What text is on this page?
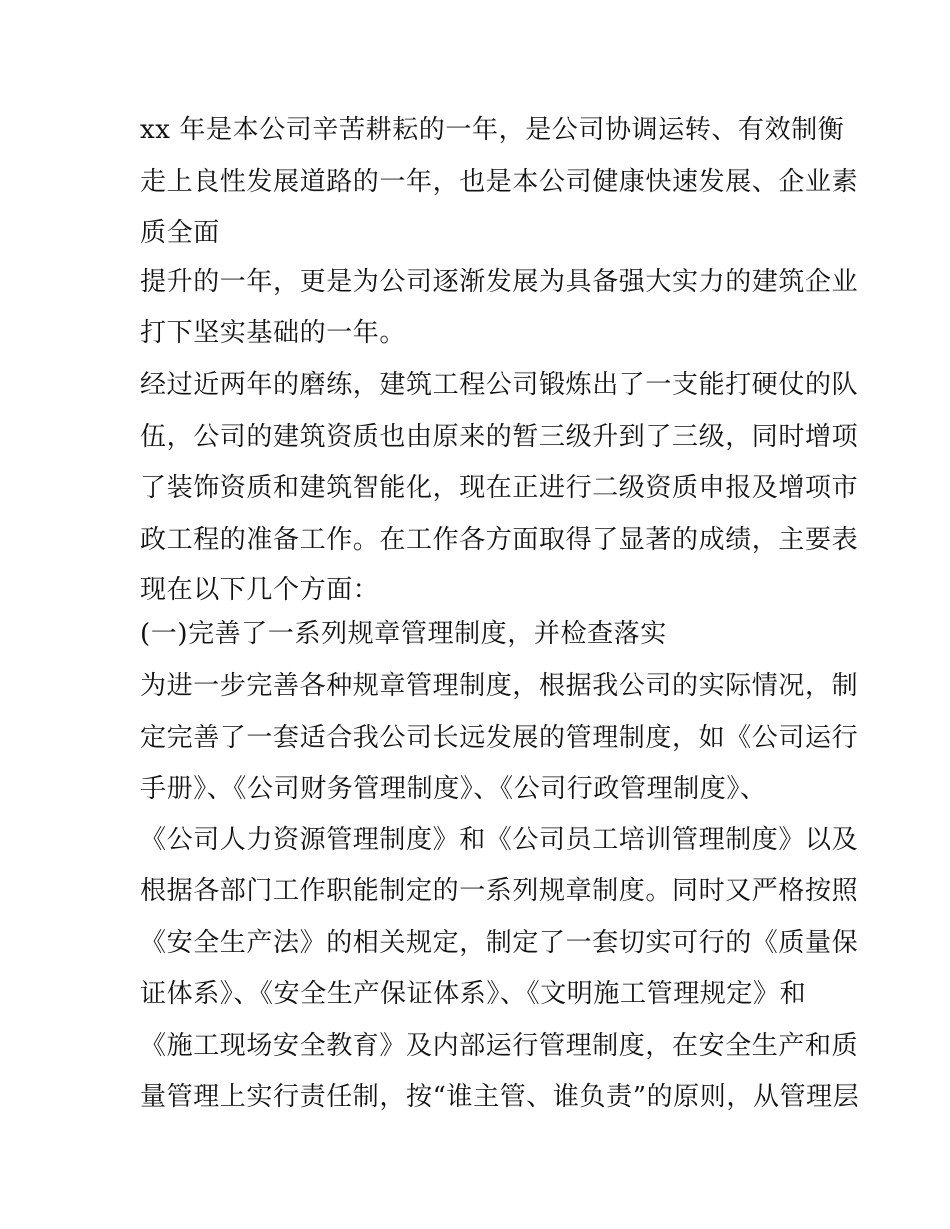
xx 年是本公司辛苦耕耘的一年，是公司协调运转、有效制衡
走上良性发展道路的一年，也是本公司健康快速发展、企业素
质全面
提升的一年，更是为公司逐渐发展为具备强大实力的建筑企业
打下坚实基础的一年。
经过近两年的磨练，建筑工程公司锻炼出了一支能打硬仗的队
伍，公司的建筑资质也由原来的暂三级升到了三级，同时增项
了装饰资质和建筑智能化，现在正进行二级资质申报及增项市
政工程的准备工作。在工作各方面取得了显著的成绩，主要表
现在以下几个方面：
(一)完善了一系列规章管理制度，并检查落实
为进一步完善各种规章管理制度，根据我公司的实际情况，制
定完善了一套适合我公司长远发展的管理制度，如《公司运行
手册》、《公司财务管理制度》、《公司行政管理制度》、
《公司人力资源管理制度》和《公司员工培训管理制度》以及
根据各部门工作职能制定的一系列规章制度。同时又严格按照
《安全生产法》的相关规定，制定了一套切实可行的《质量保
证体系》、《安全生产保证体系》、《文明施工管理规定》和
《施工现场安全教育》及内部运行管理制度，在安全生产和质
量管理上实行责任制，按“谁主管、谁负责”的原则，从管理层
